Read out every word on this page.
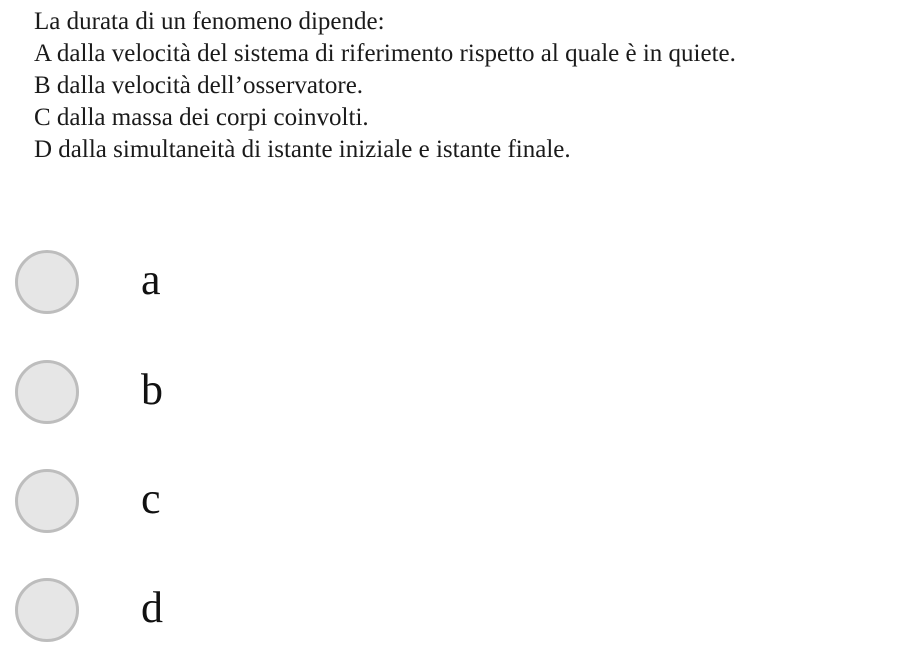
La durata di un fenomeno dipende:
A dalla velocità del sistema di riferimento rispetto al quale è in quiete.
B dalla velocità dell’osservatore.
C dalla massa dei corpi coinvolti.
D dalla simultaneità di istante iniziale e istante finale.
a
b
c
d
